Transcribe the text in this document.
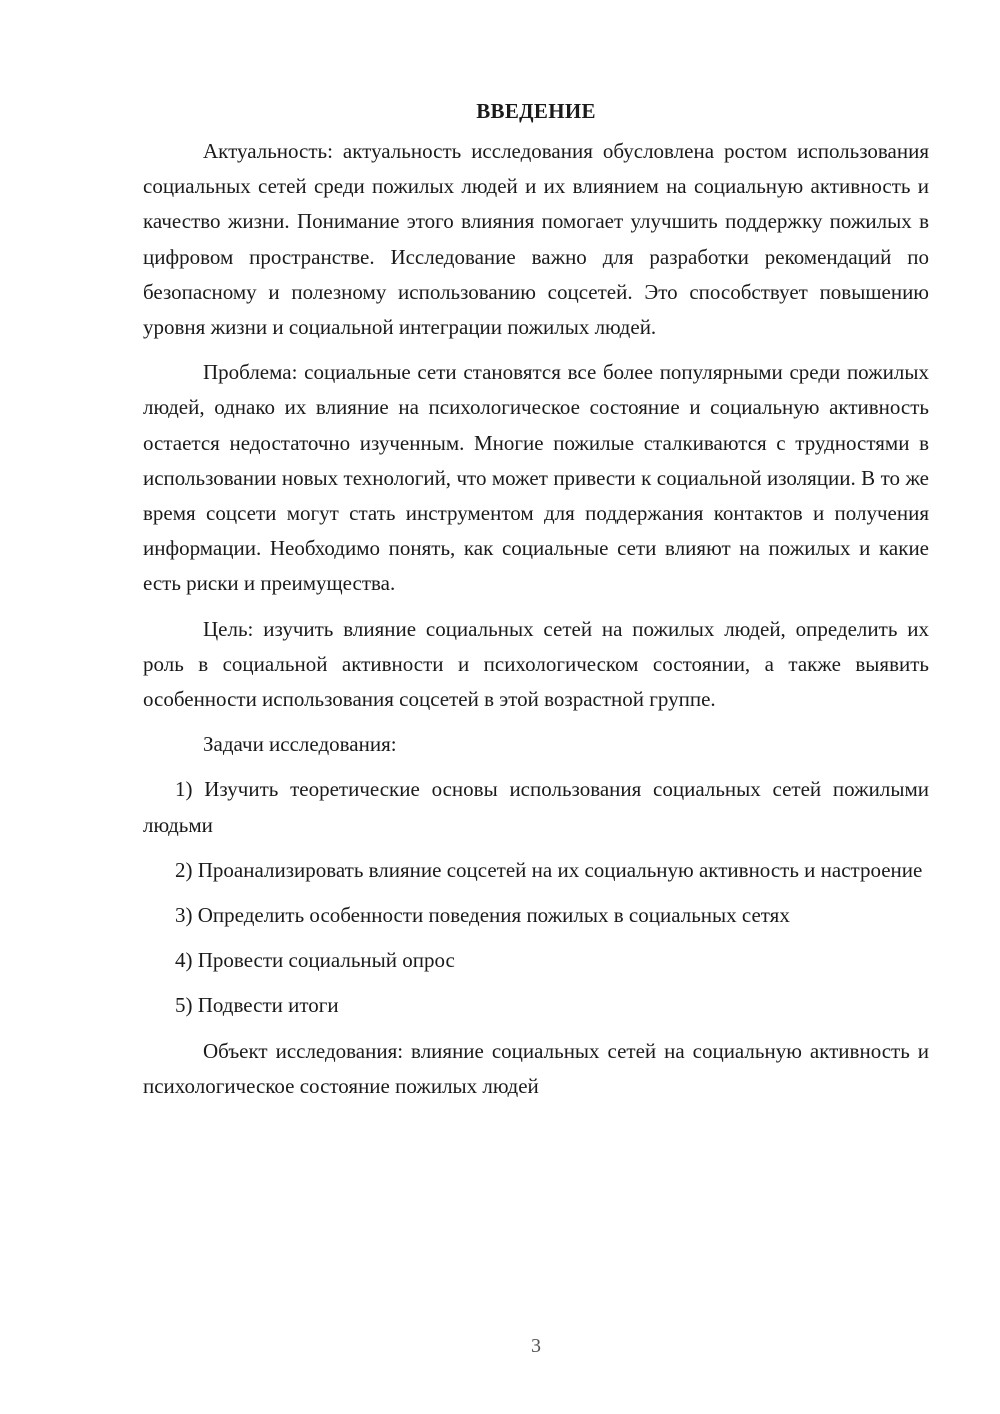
ВВЕДЕНИЕ

Актуальность: актуальность исследования обусловлена ростом использования социальных сетей среди пожилых людей и их влиянием на социальную активность и качество жизни. Понимание этого влияния помогает улучшить поддержку пожилых в цифровом пространстве. Исследование важно для разработки рекомендаций по безопасному и полезному использованию соцсетей. Это способствует повышению уровня жизни и социальной интеграции пожилых людей.

Проблема: социальные сети становятся все более популярными среди пожилых людей, однако их влияние на психологическое состояние и социальную активность остается недостаточно изученным. Многие пожилые сталкиваются с трудностями в использовании новых технологий, что может привести к социальной изоляции. В то же время соцсети могут стать инструментом для поддержания контактов и получения информации. Необходимо понять, как социальные сети влияют на пожилых и какие есть риски и преимущества.

Цель: изучить влияние социальных сетей на пожилых людей, определить их роль в социальной активности и психологическом состоянии, а также выявить особенности использования соцсетей в этой возрастной группе.

Задачи исследования:

1) Изучить теоретические основы использования социальных сетей пожилыми людьми

2) Проанализировать влияние соцсетей на их социальную активность и настроение

3) Определить особенности поведения пожилых в социальных сетях

4) Провести социальный опрос

5) Подвести итоги

Объект исследования: влияние социальных сетей на социальную активность и психологическое состояние пожилых людей

3
